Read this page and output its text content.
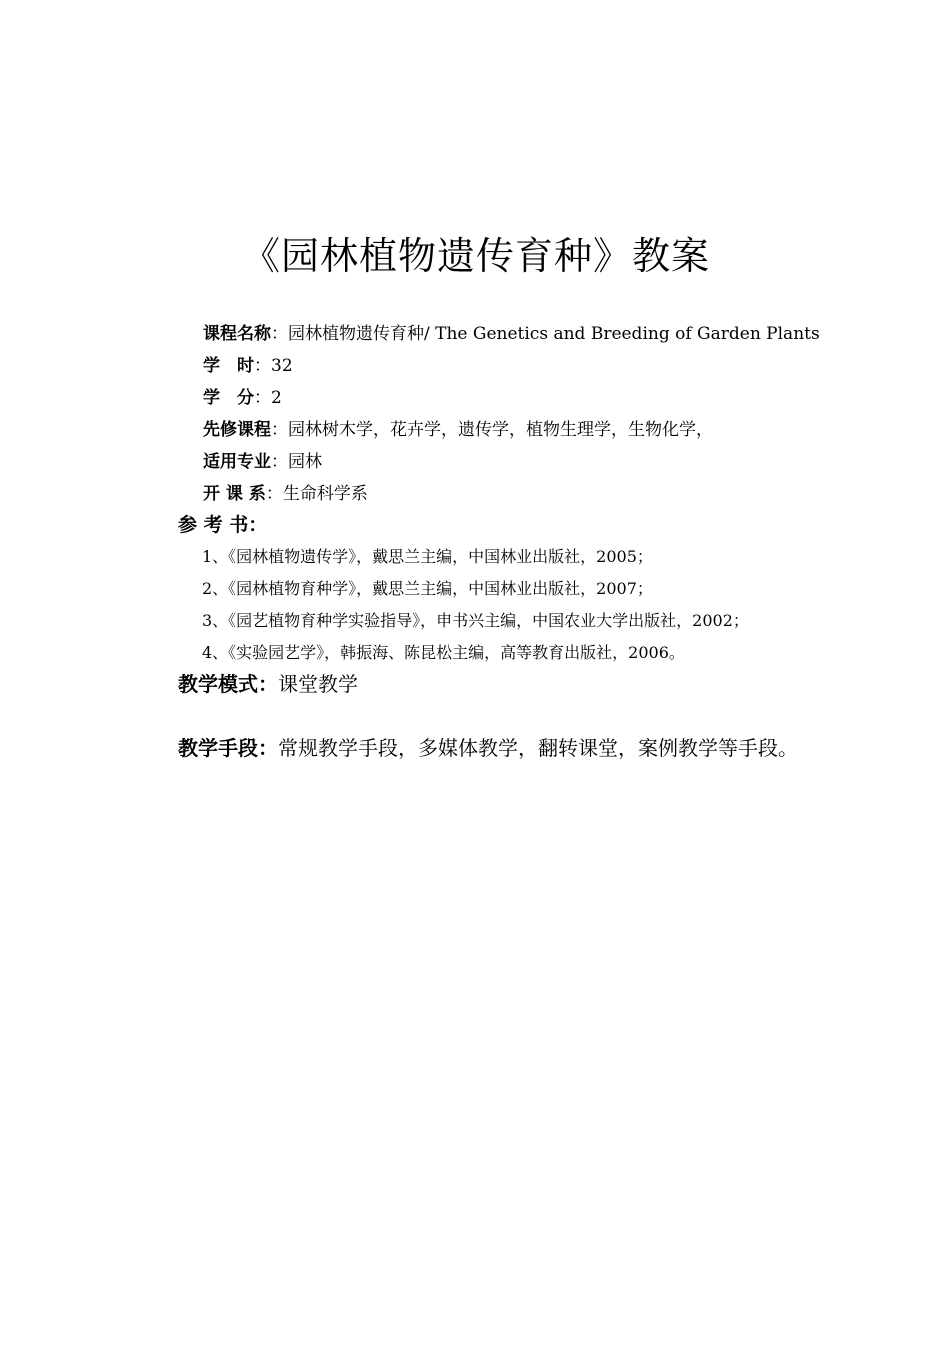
《园林植物遗传育种》教案
课程名称：园林植物遗传育种/ The Genetics and Breeding of Garden Plants
学　时：32
学　分：2
先修课程：园林树木学，花卉学，遗传学，植物生理学，生物化学，
适用专业：园林
开 课 系：生命科学系
参 考 书：
1、《园林植物遗传学》，戴思兰主编，中国林业出版社，2005；
2、《园林植物育种学》，戴思兰主编，中国林业出版社，2007；
3、《园艺植物育种学实验指导》，申书兴主编，中国农业大学出版社，2002；
4、《实验园艺学》，韩振海、陈昆松主编，高等教育出版社，2006。
教学模式：课堂教学
教学手段：常规教学手段，多媒体教学，翻转课堂，案例教学等手段。
